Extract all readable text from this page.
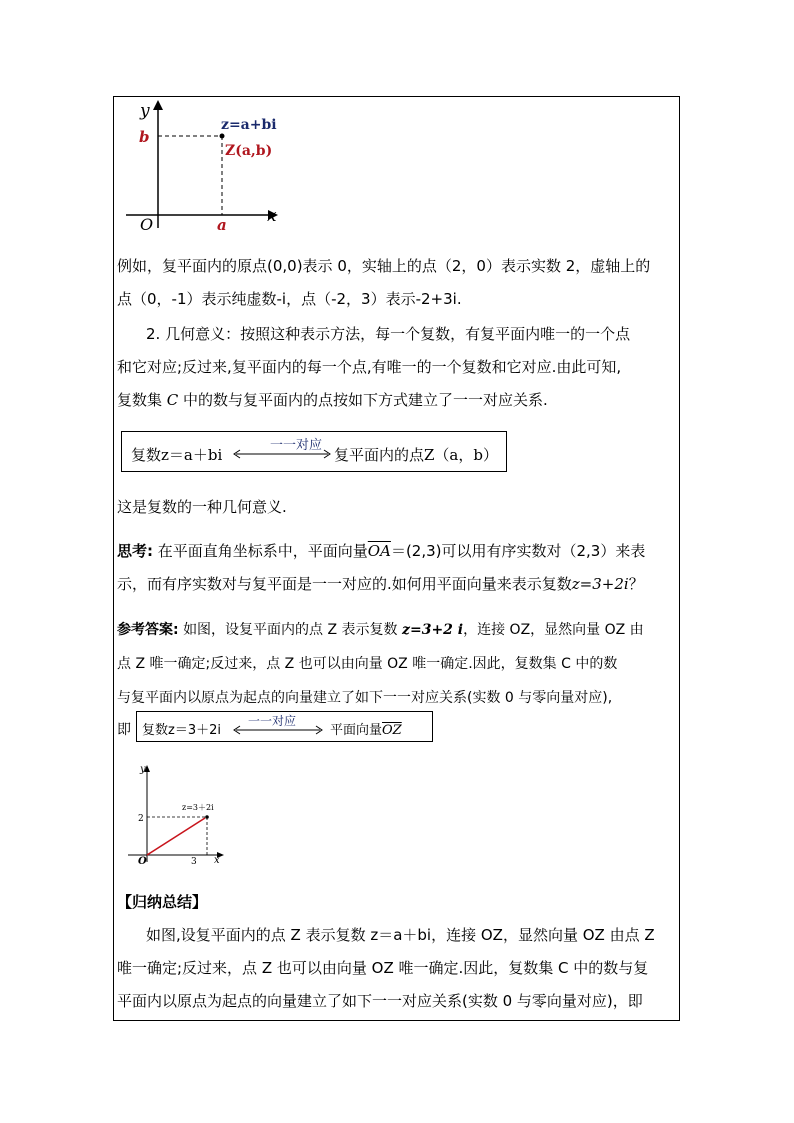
y
x
O
b
a
z=a+bi
Z(a,b)
例如，复平面内的原点(0,0)表示 0，实轴上的点（2，0）表示实数 2，虚轴上的
点（0，-1）表示纯虚数-i，点（-2，3）表示-2+3i.
2. 几何意义：按照这种表示方法，每一个复数，有复平面内唯一的一个点
和它对应;反过来,复平面内的每一个点,有唯一的一个复数和它对应.由此可知,
复数集 C 中的数与复平面内的点按如下方式建立了一一对应关系.
复数z＝a＋bi
一一对应
复平面内的点Z（a，b）
这是复数的一种几何意义.
思考: 在平面直角坐标系中，平面向量$\overline{OA}=(2,3)$可以用有序实数对（2,3）来表
示，而有序实数对与复平面是一一对应的.如何用平面向量来表示复数z=3+2i？
参考答案: 如图，设复平面内的点 Z 表示复数 z=3+2 i，连接 OZ，显然向量 OZ 由
点 Z 唯一确定;反过来，点 Z 也可以由向量 OZ 唯一确定.因此，复数集 C 中的数
与复平面内以原点为起点的向量建立了如下一一对应关系(实数 0 与零向量对应),
即 复数z＝3＋2i
一一对应
平面向量$\overline{OZ}$
y
x
O
2
3
z=3＋2i
【归纳总结】
如图,设复平面内的点 Z 表示复数 z＝a＋bi，连接 OZ，显然向量 OZ 由点 Z
唯一确定;反过来，点 Z 也可以由向量 OZ 唯一确定.因此，复数集 C 中的数与复
平面内以原点为起点的向量建立了如下一一对应关系(实数 0 与零向量对应)，即
